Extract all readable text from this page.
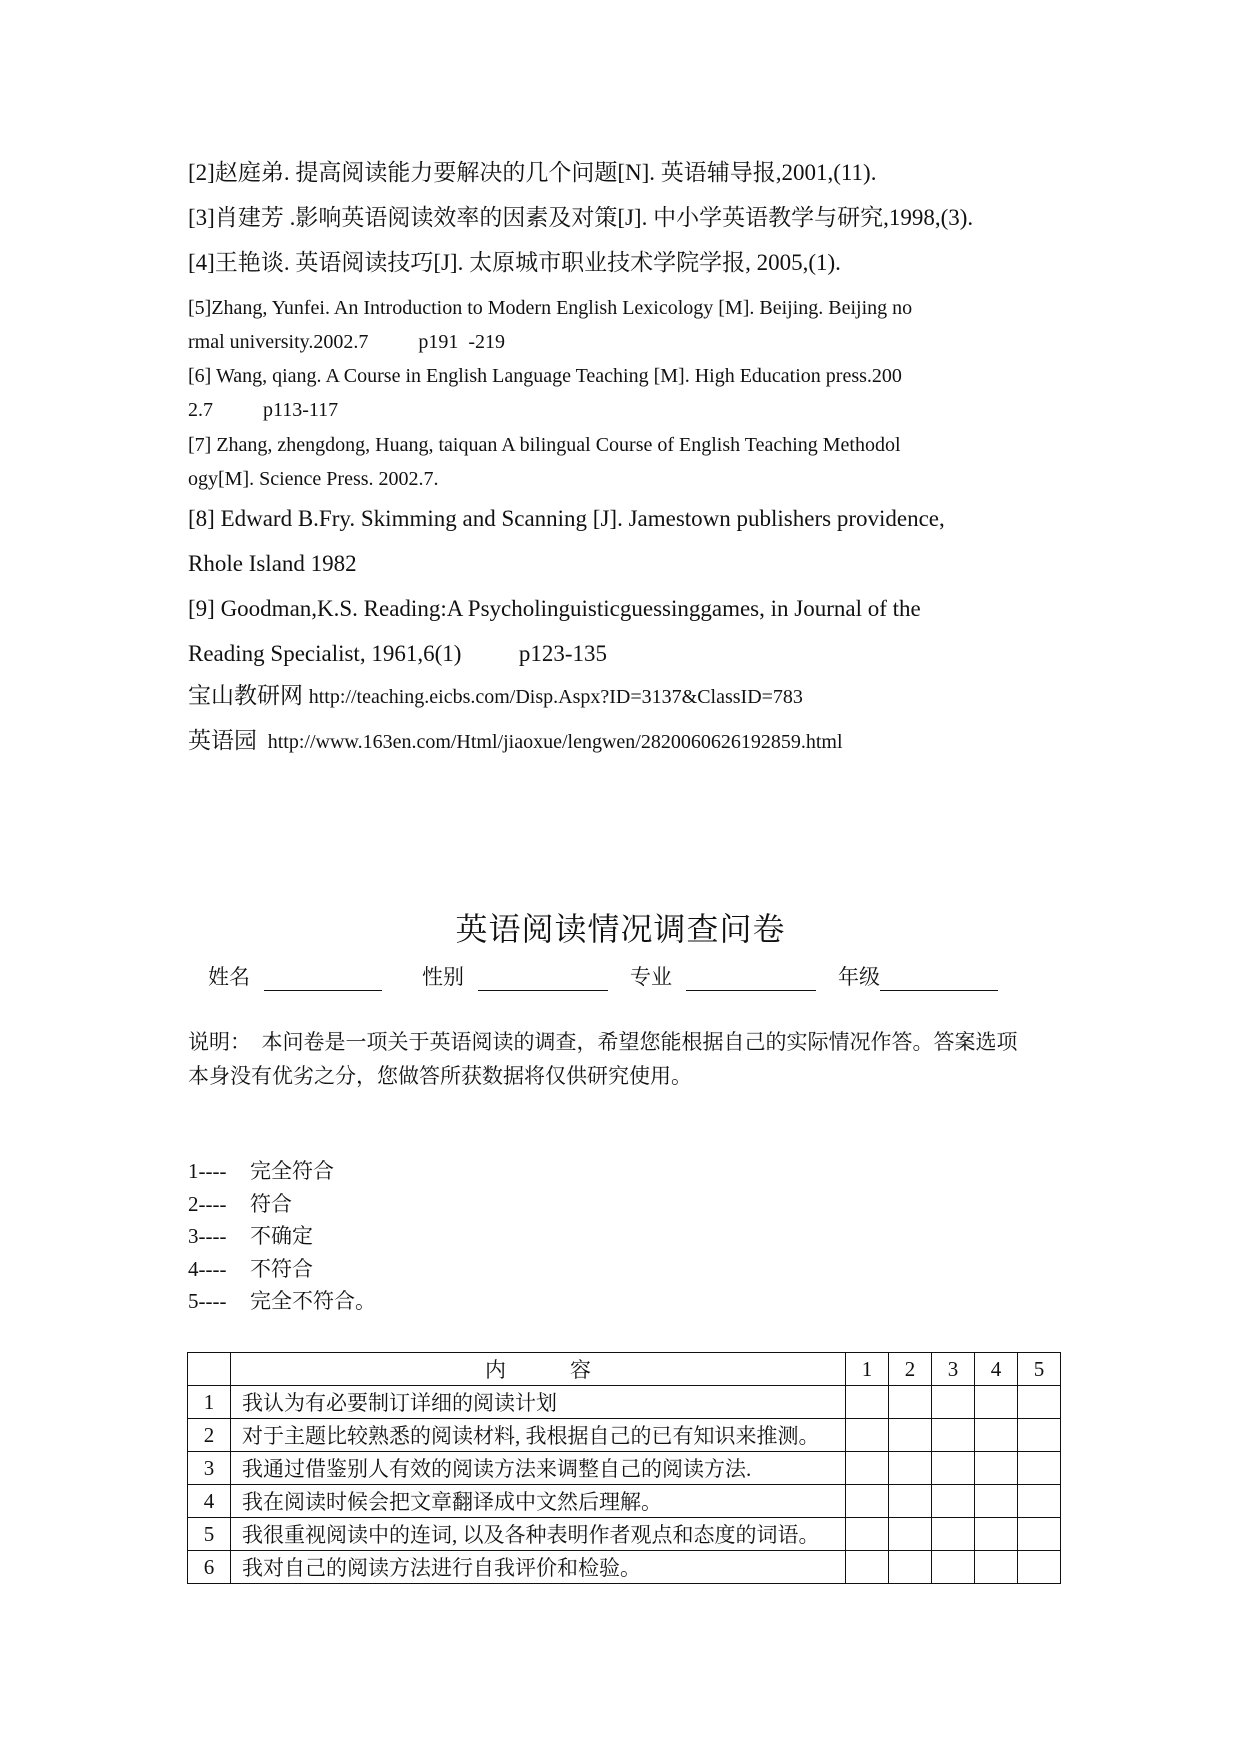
[2]赵庭弟. 提高阅读能力要解决的几个问题[N]. 英语辅导报,2001,(11).
[3]肖建芳 .影响英语阅读效率的因素及对策[J]. 中小学英语教学与研究,1998,(3).
[4]王艳谈. 英语阅读技巧[J]. 太原城市职业技术学院学报, 2005,(1).
[5]Zhang, Yunfei. An Introduction to Modern English Lexicology [M]. Beijing. Beijing no
rmal university.2002.7          p191  -219
[6] Wang, qiang. A Course in English Language Teaching [M]. High Education press.200
2.7          p113-117
[7] Zhang, zhengdong, Huang, taiquan A bilingual Course of English Teaching Methodol
ogy[M]. Science Press. 2002.7.
[8] Edward B.Fry. Skimming and Scanning [J]. Jamestown publishers providence,
Rhole Island 1982
[9] Goodman,K.S. Reading:A Psycholinguisticguessinggames, in Journal of the
Reading Specialist, 1961,6(1)          p123-135
宝山教研网 http://teaching.eicbs.com/Disp.Aspx?ID=3137&ClassID=783
英语园 http://www.163en.com/Html/jiaoxue/lengwen/2820060626192859.html
英语阅读情况调查问卷
姓名	性别	专业	年级
说明：  本问卷是一项关于英语阅读的调查，希望您能根据自己的实际情况作答。答案选项
本身没有优劣之分，您做答所获数据将仅供研究使用。
1---- 完全符合
2---- 符合
3---- 不确定
4---- 不符合
5---- 完全不符合。
	内 容	1	2	3	4	5
1	我认为有必要制订详细的阅读计划					
2	对于主题比较熟悉的阅读材料, 我根据自己的已有知识来推测。					
3	我通过借鉴别人有效的阅读方法来调整自己的阅读方法.					
4	我在阅读时候会把文章翻译成中文然后理解。					
5	我很重视阅读中的连词, 以及各种表明作者观点和态度的词语。					
6	我对自己的阅读方法进行自我评价和检验。					
